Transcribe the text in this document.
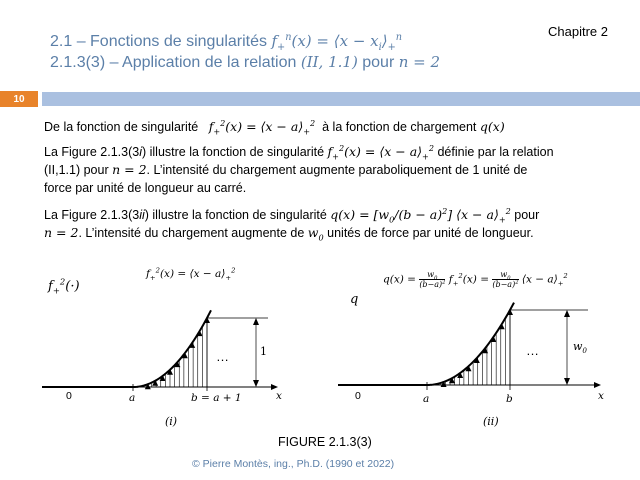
2.1 – Fonctions de singularités $f_+^n(x)$ = ⟨x − $x_i⟩_+^n$
2.1.3(3) – Application de la relation (II, 1.1) pour n = 2
Chapitre 2
10
De la fonction de singularité $f_+^2(x)$ = ⟨x − $a⟩_+^2$ à la fonction de chargement q(x)
La Figure 2.1.3(3i) illustre la fonction de singularité $f_+^2(x)$ = ⟨x − $a⟩_+^2$ définie par la relation
(II,1.1) pour n = 2. L’intensité du chargement augmente paraboliquement de 1 unité de
force par unité de longueur au carré.
La Figure 2.1.3(3ii) illustre la fonction de singularité $q(x) = [w_0/(b - a)^2]$ ⟨x − $a⟩_+^2$ pour
n = 2. L’intensité du chargement augmente de $w_0$ unités de force par unité de longueur.
$f_+^2(\cdot)$
$f_+^2(x)$ = ⟨x − $a⟩_+^2$
0	a	b = a + 1	x
…	1
(i)
q
$q(x) = \frac{w_0}{(b-a)^2} f_+^2(x) = \frac{w_0}{(b-a)^2}$ ⟨x − $a⟩_+^2$
0	a	b	x
…	$w_0$
(ii)
FIGURE 2.1.3(3)
© Pierre Montès, ing., Ph.D. (1990 et 2022)
